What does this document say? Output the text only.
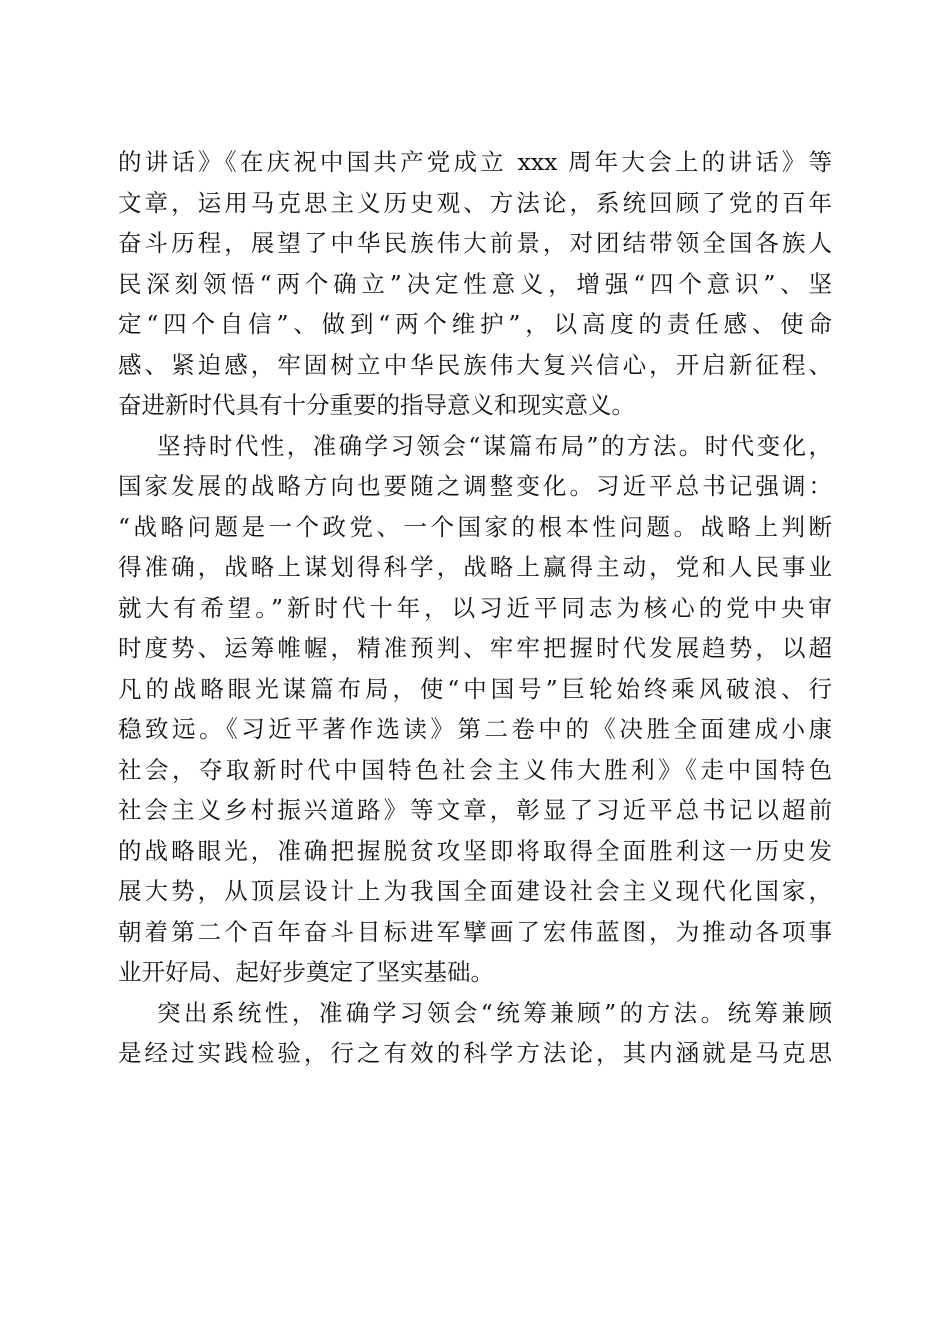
的讲话》《在庆祝中国共产党成立 xxx 周年大会上的讲话》等
文章，运用马克思主义历史观、方法论，系统回顾了党的百年
奋斗历程，展望了中华民族伟大前景，对团结带领全国各族人
民深刻领悟“两个确立”决定性意义，增强“四个意识”、坚
定“四个自信”、做到“两个维护”，以高度的责任感、使命
感、紧迫感，牢固树立中华民族伟大复兴信心，开启新征程、
奋进新时代具有十分重要的指导意义和现实意义。
坚持时代性，准确学习领会“谋篇布局”的方法。时代变化，
国家发展的战略方向也要随之调整变化。习近平总书记强调：
“战略问题是一个政党、一个国家的根本性问题。战略上判断
得准确，战略上谋划得科学，战略上赢得主动，党和人民事业
就大有希望。”新时代十年，以习近平同志为核心的党中央审
时度势、运筹帷幄，精准预判、牢牢把握时代发展趋势，以超
凡的战略眼光谋篇布局，使“中国号”巨轮始终乘风破浪、行
稳致远。《习近平著作选读》第二卷中的《决胜全面建成小康
社会，夺取新时代中国特色社会主义伟大胜利》《走中国特色
社会主义乡村振兴道路》等文章，彰显了习近平总书记以超前
的战略眼光，准确把握脱贫攻坚即将取得全面胜利这一历史发
展大势，从顶层设计上为我国全面建设社会主义现代化国家，
朝着第二个百年奋斗目标进军擘画了宏伟蓝图，为推动各项事
业开好局、起好步奠定了坚实基础。
突出系统性，准确学习领会“统筹兼顾”的方法。统筹兼顾
是经过实践检验，行之有效的科学方法论，其内涵就是马克思
